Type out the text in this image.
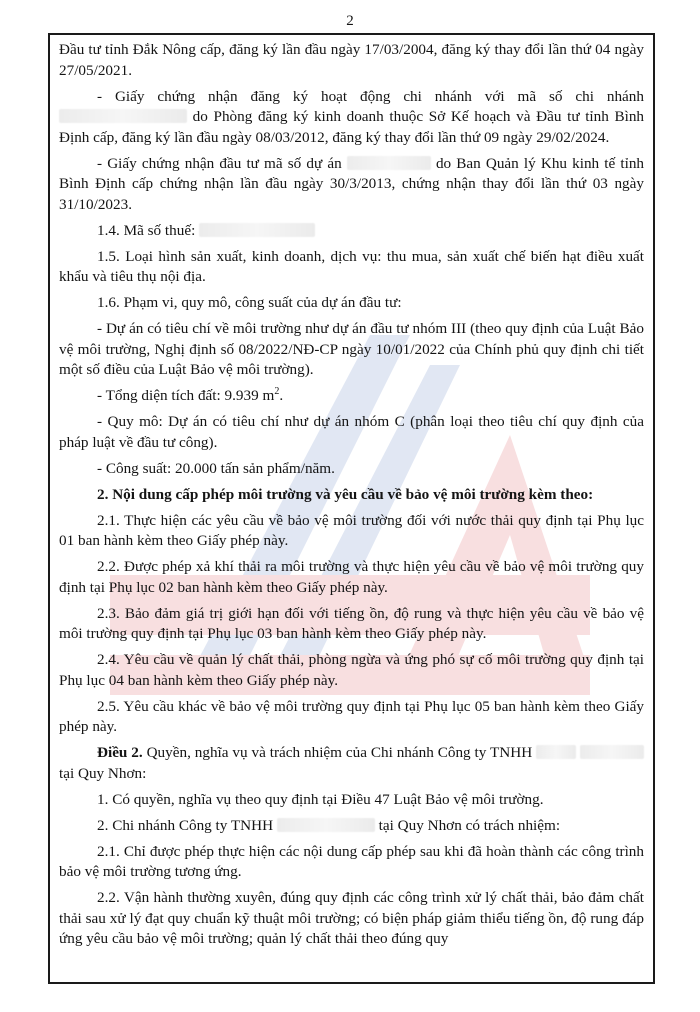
2

Đầu tư tỉnh Đắk Nông cấp, đăng ký lần đầu ngày 17/03/2004, đăng ký thay đổi lần thứ 04 ngày 27/05/2021.

- Giấy chứng nhận đăng ký hoạt động chi nhánh với mã số chi nhánh  do Phòng đăng ký kinh doanh thuộc Sở Kế hoạch và Đầu tư tỉnh Bình Định cấp, đăng ký lần đầu ngày 08/03/2012, đăng ký thay đổi lần thứ 09 ngày 29/02/2024.

- Giấy chứng nhận đầu tư mã số dự án	do Ban Quản lý Khu kinh tế tỉnh Bình Định cấp chứng nhận lần đầu ngày 30/3/2013, chứng nhận thay đổi lần thứ 03 ngày 31/10/2023.

1.4. Mã số thuế:

1.5. Loại hình sản xuất, kinh doanh, dịch vụ: thu mua, sản xuất chế biến hạt điều xuất khẩu và tiêu thụ nội địa.

1.6. Phạm vi, quy mô, công suất của dự án đầu tư:

- Dự án có tiêu chí về môi trường như dự án đầu tư nhóm III (theo quy định của Luật Bảo vệ môi trường, Nghị định số 08/2022/NĐ-CP ngày 10/01/2022 của Chính phủ quy định chi tiết một số điều của Luật Bảo vệ môi trường).

- Tổng diện tích đất: 9.939 $m^2$.

- Quy mô: Dự án có tiêu chí như dự án nhóm C (phân loại theo tiêu chí quy định của pháp luật về đầu tư công).

- Công suất: 20.000 tấn sản phẩm/năm.

2. Nội dung cấp phép môi trường và yêu cầu về bảo vệ môi trường kèm theo:

2.1. Thực hiện các yêu cầu về bảo vệ môi trường đối với nước thải quy định tại Phụ lục 01 ban hành kèm theo Giấy phép này.

2.2. Được phép xả khí thải ra môi trường và thực hiện yêu cầu về bảo vệ môi trường quy định tại Phụ lục 02 ban hành kèm theo Giấy phép này.

2.3. Bảo đảm giá trị giới hạn đối với tiếng ồn, độ rung và thực hiện yêu cầu về bảo vệ môi trường quy định tại Phụ lục 03 ban hành kèm theo Giấy phép này.

2.4. Yêu cầu về quản lý chất thải, phòng ngừa và ứng phó sự cố môi trường quy định tại Phụ lục 04 ban hành kèm theo Giấy phép này.

2.5. Yêu cầu khác về bảo vệ môi trường quy định tại Phụ lục 05 ban hành kèm theo Giấy phép này.

Điều 2. Quyền, nghĩa vụ và trách nhiệm của Chi nhánh Công ty TNHH   tại Quy Nhơn:

1. Có quyền, nghĩa vụ theo quy định tại Điều 47 Luật Bảo vệ môi trường.

2. Chi nhánh Công ty TNHH	tại Quy Nhơn có trách nhiệm:

2.1. Chỉ được phép thực hiện các nội dung cấp phép sau khi đã hoàn thành các công trình bảo vệ môi trường tương ứng.

2.2. Vận hành thường xuyên, đúng quy định các công trình xử lý chất thải, bảo đảm chất thải sau xử lý đạt quy chuẩn kỹ thuật môi trường; có biện pháp giảm thiểu tiếng ồn, độ rung đáp ứng yêu cầu bảo vệ môi trường; quản lý chất thải theo đúng quy
